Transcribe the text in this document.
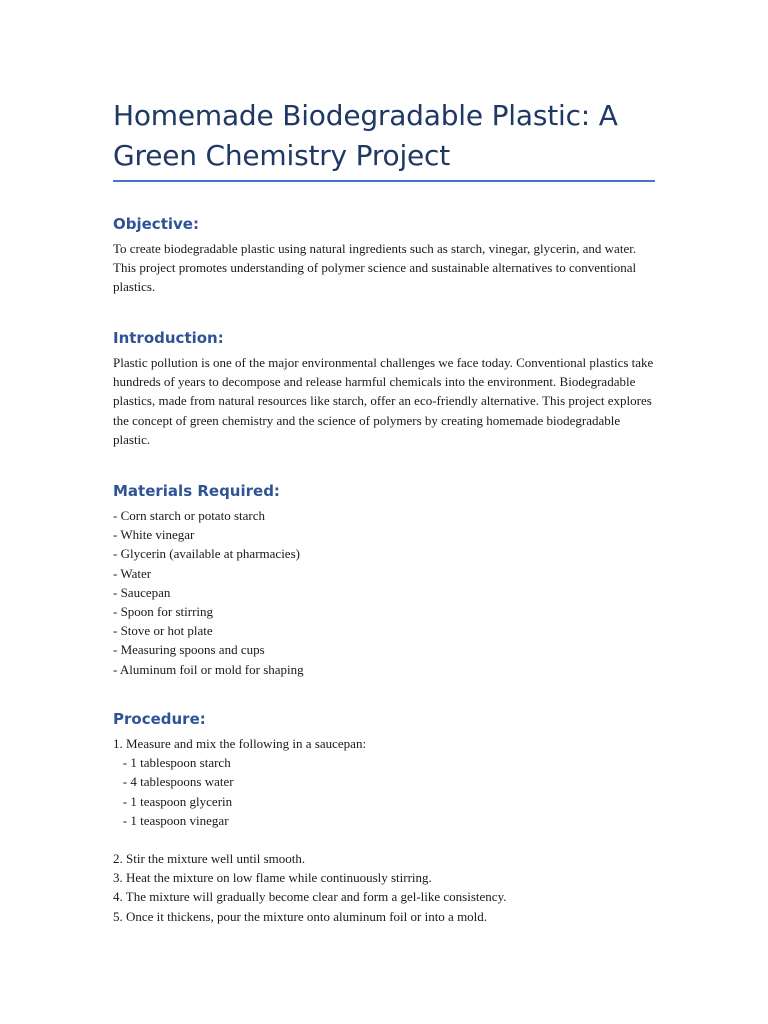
Homemade Biodegradable Plastic: A Green Chemistry Project
Objective:

To create biodegradable plastic using natural ingredients such as starch, vinegar, glycerin, and water. This project promotes understanding of polymer science and sustainable alternatives to conventional plastics.

Introduction:

Plastic pollution is one of the major environmental challenges we face today. Conventional plastics take hundreds of years to decompose and release harmful chemicals into the environment. Biodegradable plastics, made from natural resources like starch, offer an eco-friendly alternative. This project explores the concept of green chemistry and the science of polymers by creating homemade biodegradable plastic.

Materials Required:
- Corn starch or potato starch
- White vinegar
- Glycerin (available at pharmacies)
- Water
- Saucepan
- Spoon for stirring
- Stove or hot plate
- Measuring spoons and cups
- Aluminum foil or mold for shaping
Procedure:
1. Measure and mix the following in a saucepan:
- 1 tablespoon starch
- 4 tablespoons water
- 1 teaspoon glycerin
- 1 teaspoon vinegar
2. Stir the mixture well until smooth.
3. Heat the mixture on low flame while continuously stirring.
4. The mixture will gradually become clear and form a gel-like consistency.
5. Once it thickens, pour the mixture onto aluminum foil or into a mold.
